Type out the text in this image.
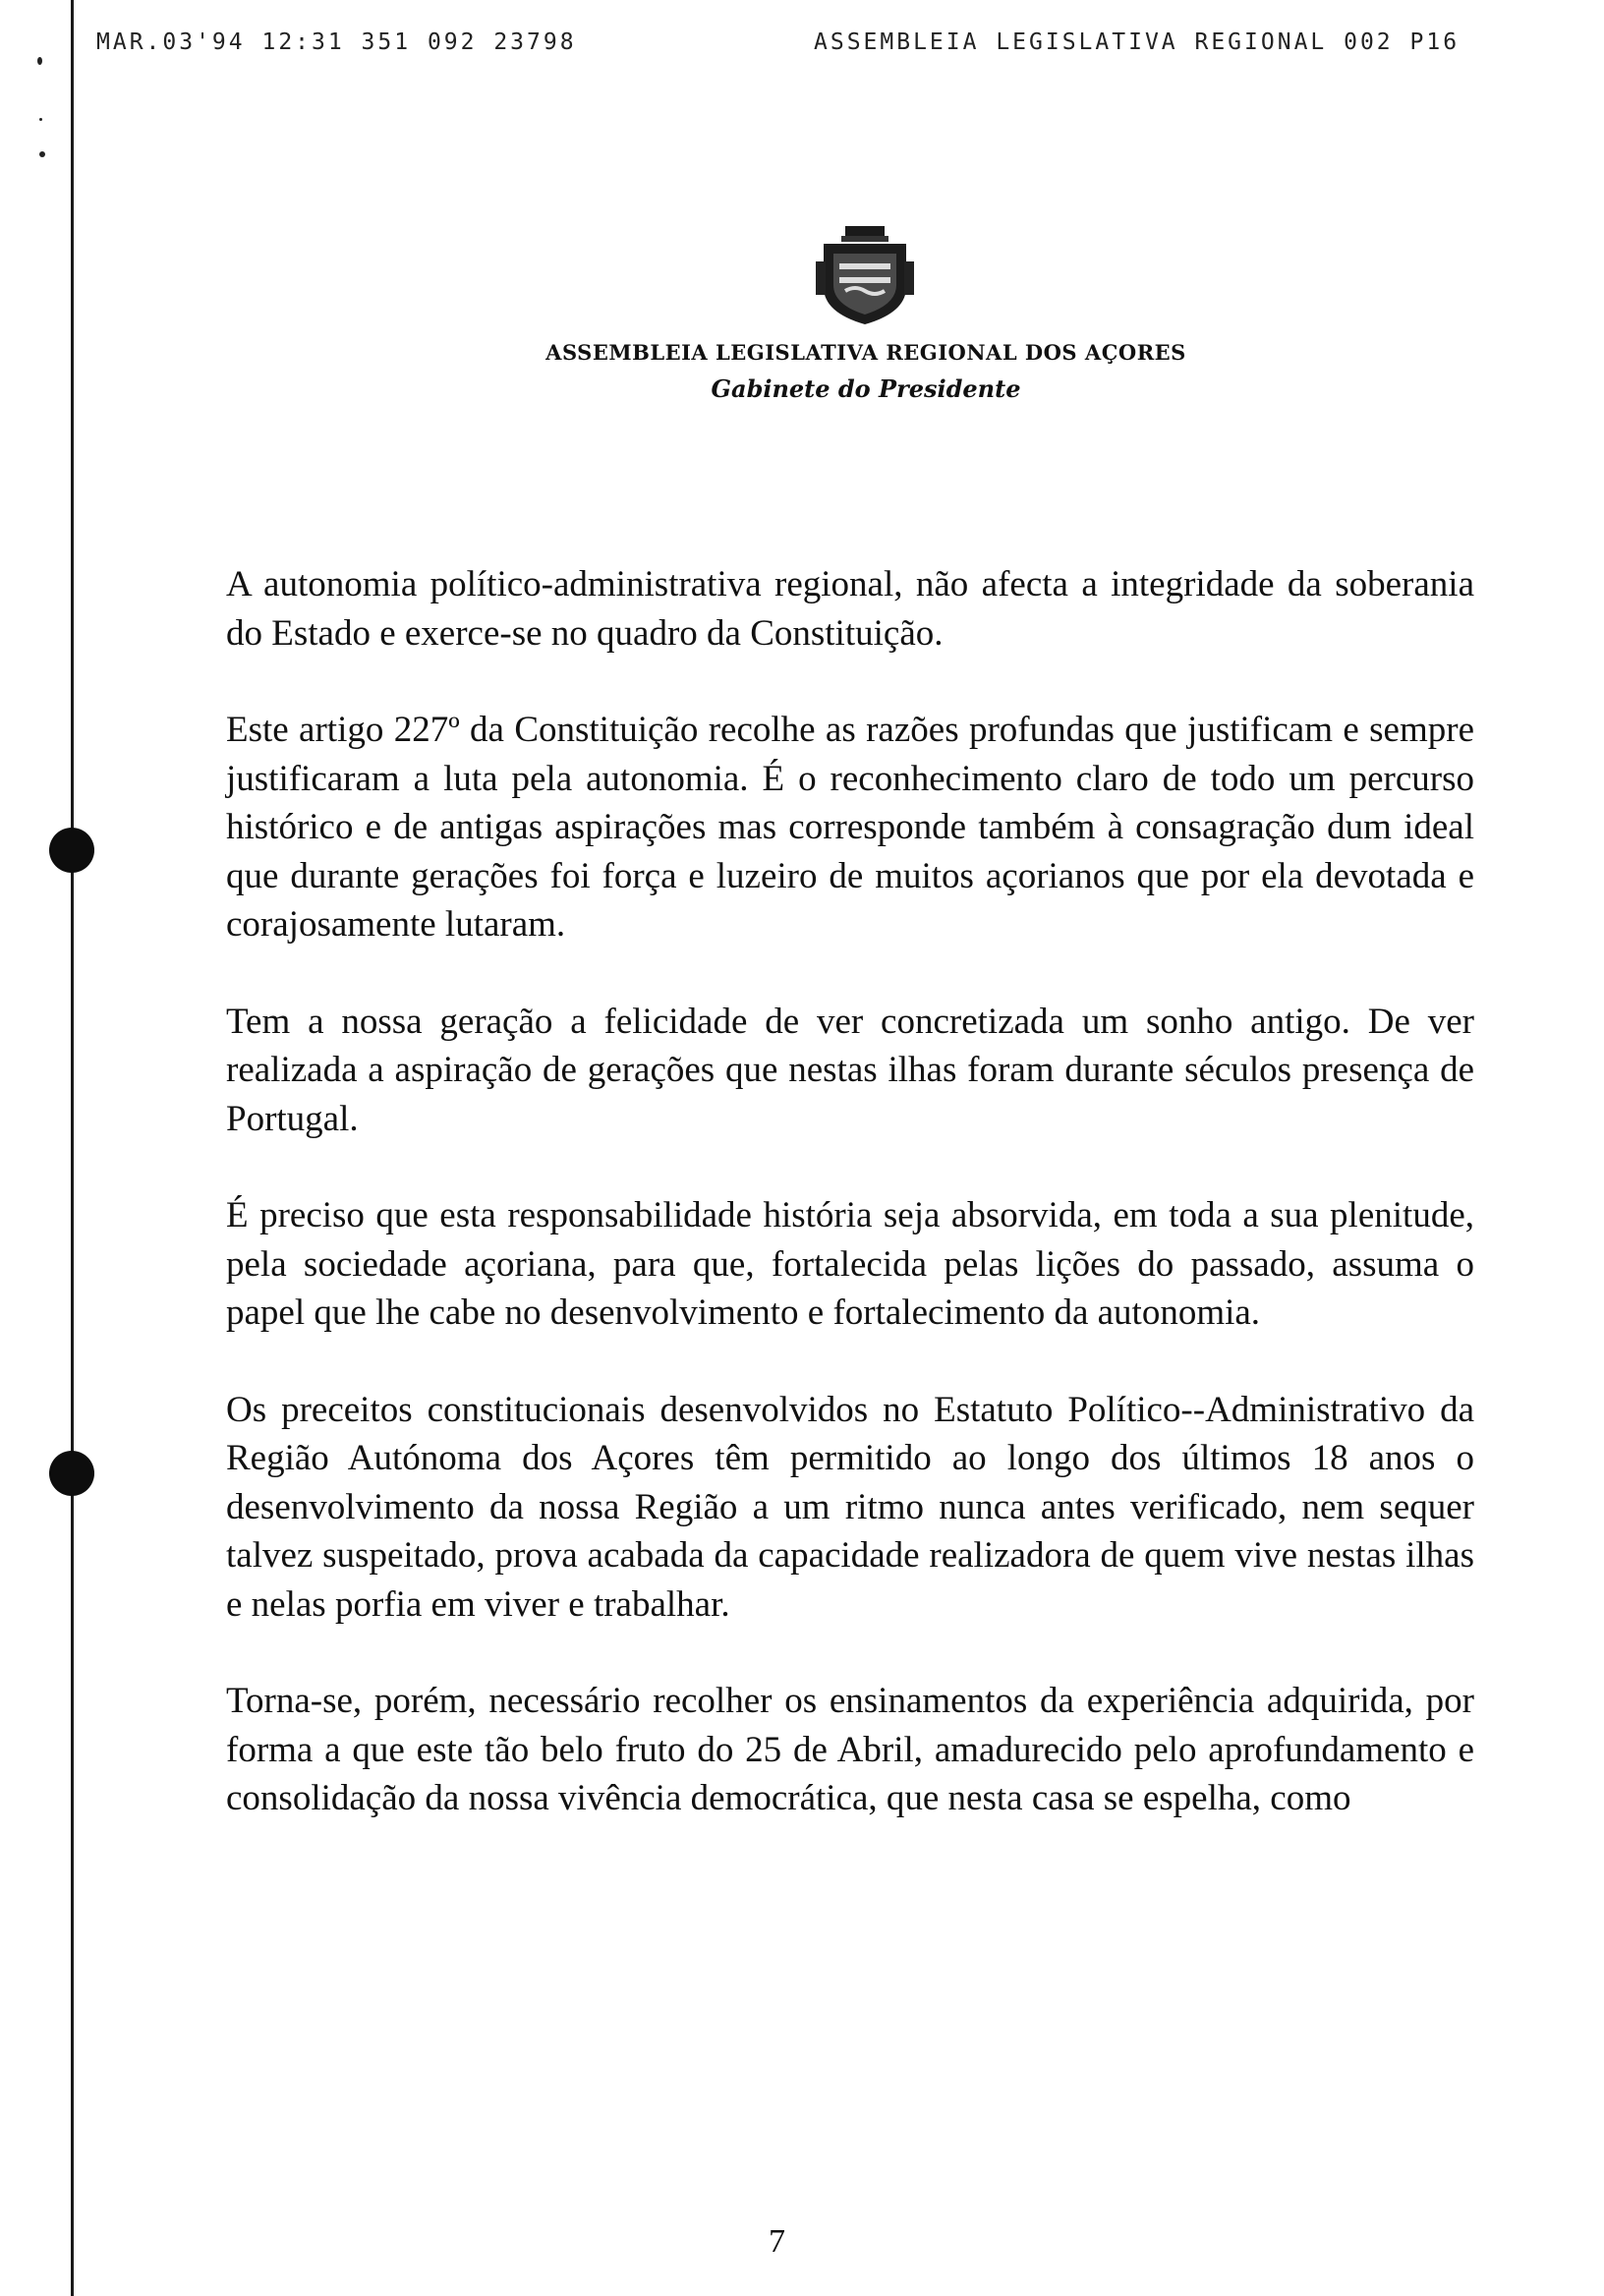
MAR.03'94 12:31 351 092 23798	ASSEMBLEIA LEGISLATIVA REGIONAL 002 P16
ASSEMBLEIA LEGISLATIVA REGIONAL DOS AÇORES
Gabinete do Presidente

A autonomia político-administrativa regional, não afecta a integridade da soberania do Estado e exerce-se no quadro da Constituição.

Este artigo 227º da Constituição recolhe as razões profundas que justificam e sempre justificaram a luta pela autonomia. É o reconhecimento claro de todo um percurso histórico e de antigas aspirações mas corresponde também à consagração dum ideal que durante gerações foi força e luzeiro de muitos açorianos que por ela devotada e corajosamente lutaram.

Tem a nossa geração a felicidade de ver concretizada um sonho antigo. De ver realizada a aspiração de gerações que nestas ilhas foram durante séculos presença de Portugal.

É preciso que esta responsabilidade história seja absorvida, em toda a sua plenitude, pela sociedade açoriana, para que, fortalecida pelas lições do passado, assuma o papel que lhe cabe no desenvolvimento e fortalecimento da autonomia.

Os preceitos constitucionais desenvolvidos no Estatuto Político--Administrativo da Região Autónoma dos Açores têm permitido ao longo dos últimos 18 anos o desenvolvimento da nossa Região a um ritmo nunca antes verificado, nem sequer talvez suspeitado, prova acabada da capacidade realizadora de quem vive nestas ilhas e nelas porfia em viver e trabalhar.

Torna-se, porém, necessário recolher os ensinamentos da experiência adquirida, por forma a que este tão belo fruto do 25 de Abril, amadurecido pelo aprofundamento e consolidação da nossa vivência democrática, que nesta casa se espelha, como

7
